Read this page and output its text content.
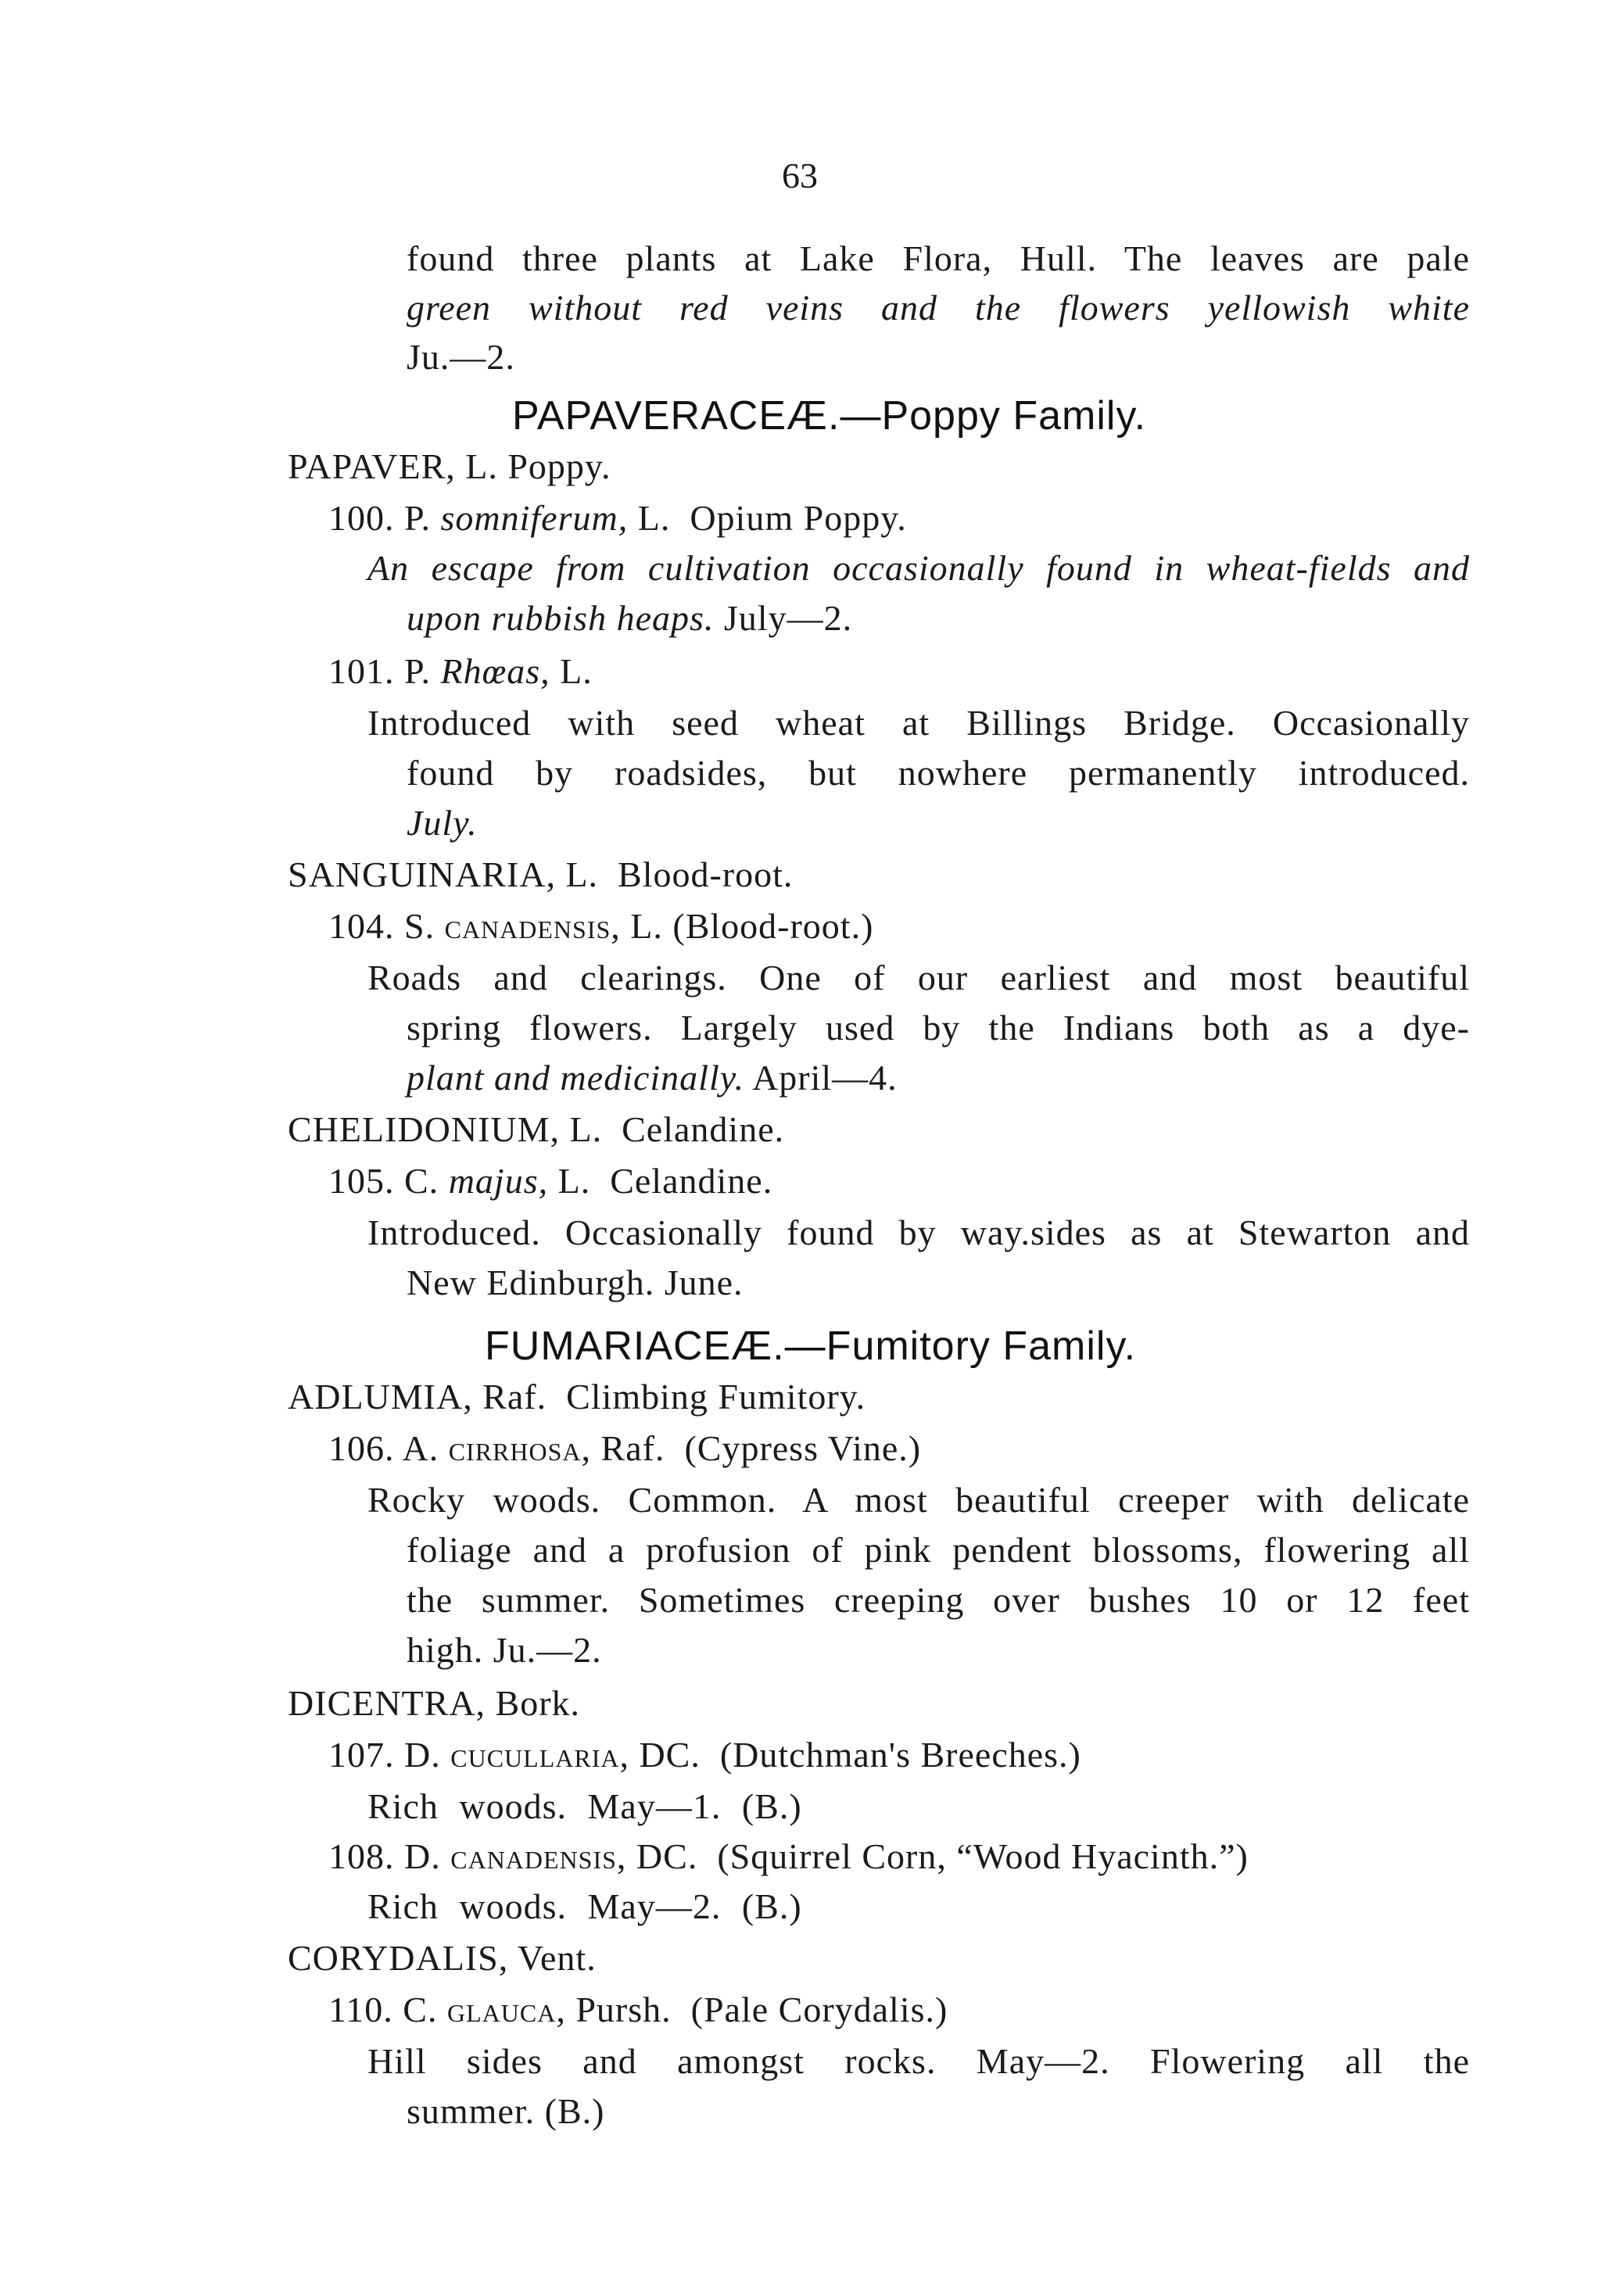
63
found three plants at Lake Flora, Hull. The leaves are pale
green without red veins and the flowers yellowish white
Ju.—2.
PAPAVERACEÆ.—Poppy Family.
PAPAVER, L. Poppy.
100. P. somniferum, L. Opium Poppy.
An escape from cultivation occasionally found in wheat-fields and
upon rubbish heaps. July—2.
101. P. Rhœas, L.
Introduced with seed wheat at Billings Bridge. Occasionally
found by roadsides, but nowhere permanently introduced.
July.
SANGUINARIA, L. Blood-root.
104. S. canadensis, L. (Blood-root.)
Roads and clearings. One of our earliest and most beautiful
spring flowers. Largely used by the Indians both as a dye-
plant and medicinally. April—4.
CHELIDONIUM, L. Celandine.
105. C. majus, L. Celandine.
Introduced. Occasionally found by way.sides as at Stewarton and
New Edinburgh. June.
FUMARIACEÆ.—Fumitory Family.
ADLUMIA, Raf. Climbing Fumitory.
106. A. cirrhosa, Raf. (Cypress Vine.)
Rocky woods. Common. A most beautiful creeper with delicate
foliage and a profusion of pink pendent blossoms, flowering all
the summer. Sometimes creeping over bushes 10 or 12 feet
high. Ju.—2.
DICENTRA, Bork.
107. D. cucullaria, DC. (Dutchman's Breeches.)
Rich woods. May—1. (B.)
108. D. canadensis, DC. (Squirrel Corn, “Wood Hyacinth.”)
Rich woods. May—2. (B.)
CORYDALIS, Vent.
110. C. glauca, Pursh. (Pale Corydalis.)
Hill sides and amongst rocks. May—2. Flowering all the
summer. (B.)
